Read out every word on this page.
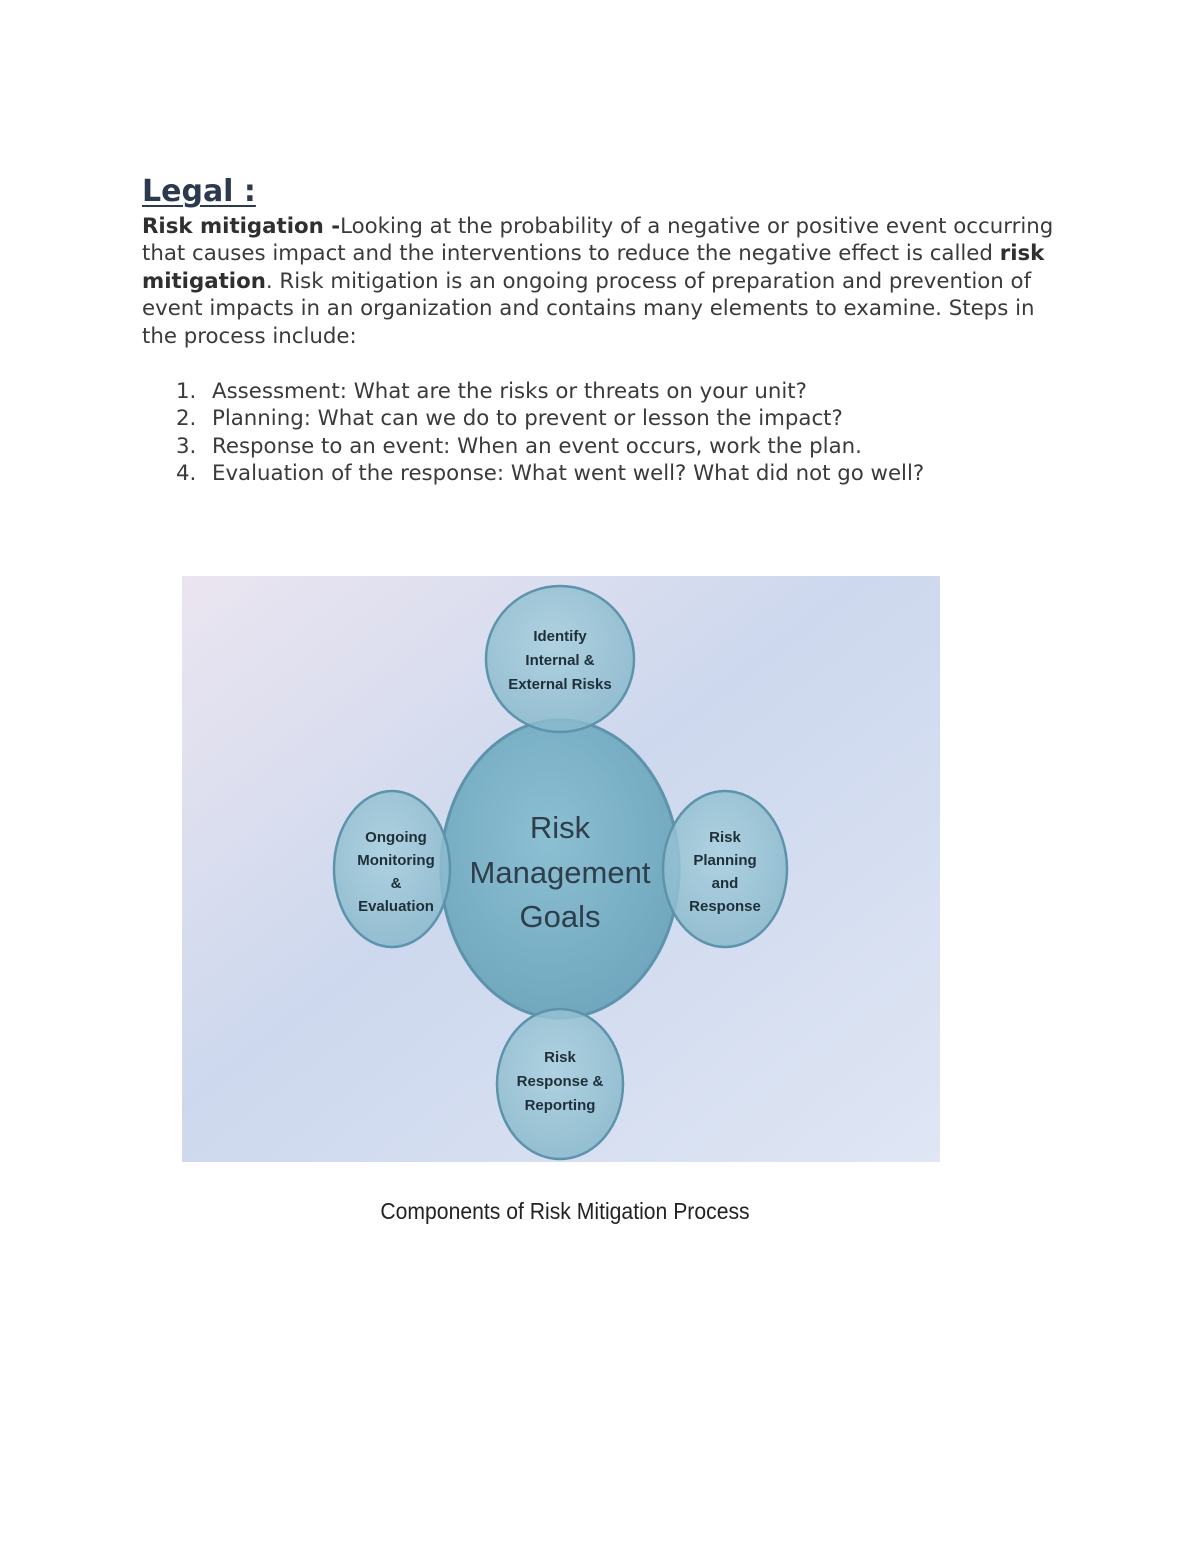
Legal :

Risk mitigation -Looking at the probability of a negative or positive event occurring that causes impact and the interventions to reduce the negative effect is called risk mitigation. Risk mitigation is an ongoing process of preparation and prevention of event impacts in an organization and contains many elements to examine. Steps in the process include:

1. Assessment: What are the risks or threats on your unit?
2. Planning: What can we do to prevent or lesson the impact?
3. Response to an event: When an event occurs, work the plan.
4. Evaluation of the response: What went well? What did not go well?
Risk
Management
Goals
Identify
Internal &
External Risks
Risk
Planning
and
Response
Risk
Response &
Reporting
Ongoing
Monitoring
&
Evaluation
Components of Risk Mitigation Process
